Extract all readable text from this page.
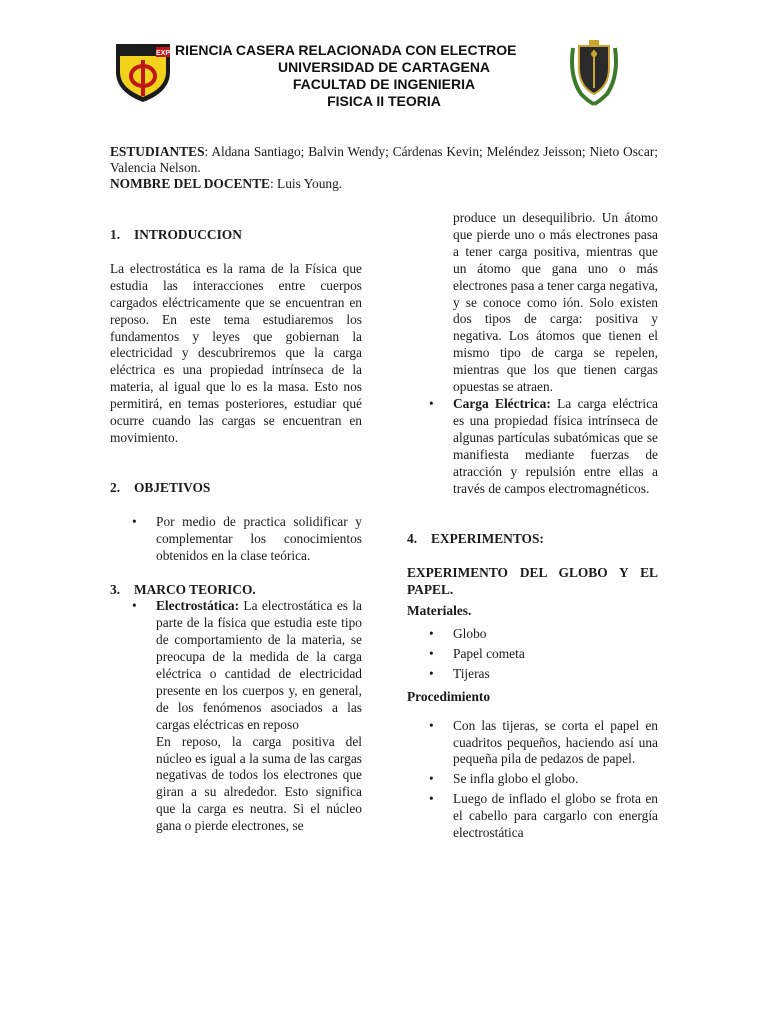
EXP RIENCIA CASERA RELACIONADA CON ELECTROE
UNIVERSIDAD DE CARTAGENA
FACULTAD DE INGENIERIA
FISICA II TEORIA
ESTUDIANTES: Aldana Santiago; Balvin Wendy; Cárdenas Kevin; Meléndez Jeisson; Nieto Oscar; Valencia Nelson.
NOMBRE DEL DOCENTE: Luis Young.
1.	INTRODUCCION

La electrostática es la rama de la Física que estudia las interacciones entre cuerpos cargados eléctricamente que se encuentran en reposo. En este tema estudiaremos los fundamentos y leyes que gobiernan la electricidad y descubriremos que la carga eléctrica es una propiedad intrínseca de la materia, al igual que lo es la masa. Esto nos permitirá, en temas posteriores, estudiar qué ocurre cuando las cargas se encuentran en movimiento.

2.	OBJETIVOS
• Por medio de practica solidificar y complementar los conocimientos obtenidos en la clase teórica.
3.	MARCO TEORICO.
• Electrostática: La electrostática es la parte de la física que estudia este tipo de comportamiento de la materia, se preocupa de la medida de la carga eléctrica o cantidad de electricidad presente en los cuerpos y, en general, de los fenómenos asociados a las cargas eléctricas en reposo
En reposo, la carga positiva del núcleo es igual a la suma de las cargas negativas de todos los electrones que giran a su alrededor. Esto significa que la carga es neutra. Si el núcleo gana o pierde electrones, se
produce un desequilibrio. Un átomo que pierde uno o más electrones pasa a tener carga positiva, mientras que un átomo que gana uno o más electrones pasa a tener carga negativa, y se conoce como ión. Solo existen dos tipos de carga: positiva y negativa. Los átomos que tienen el mismo tipo de carga se repelen, mientras que los que tienen cargas opuestas se atraen.
• Carga Eléctrica: La carga eléctrica es una propiedad física intrínseca de algunas partículas subatómicas que se manifiesta mediante fuerzas de atracción y repulsión entre ellas a través de campos electromagnéticos.
4.	EXPERIMENTOS:

EXPERIMENTO DEL GLOBO Y EL PAPEL.

Materiales.

• Globo
• Papel cometa
• Tijeras

Procedimiento

• Con las tijeras, se corta el papel en cuadritos pequeños, haciendo así una pequeña pila de pedazos de papel.
• Se infla globo el globo.
• Luego de inflado el globo se frota en el cabello para cargarlo con energía electrostática
